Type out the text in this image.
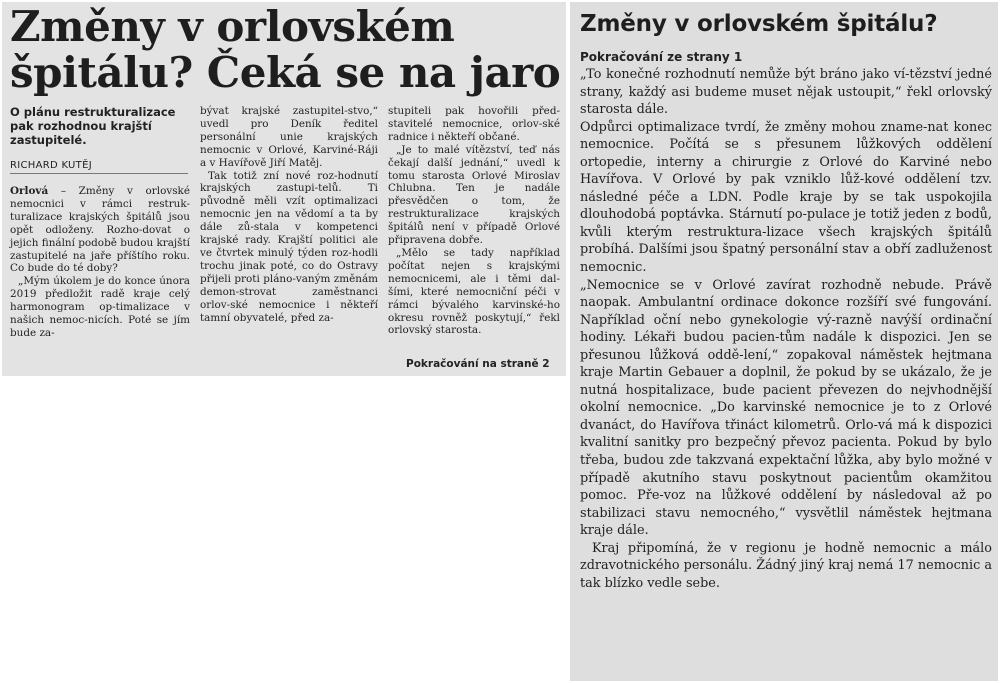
Změny v orlovském
špitálu? Čeká se na jaro

O plánu restrukturalizace pak rozhodnou krajští zastupitelé.

RICHARD KUTĚJ

Orlová – Změny v orlovské nemocnici v rámci restruk-turalizace krajských špitálů jsou opět odloženy. Rozho-dovat o jejich finální podobě budou krajští zastupitelé na jaře příštího roku. Co bude do té doby?

„Mým úkolem je do konce února 2019 předložit radě kraje celý harmonogram op-timalizace v našich nemoc-nicích. Poté se jím bude za-

bývat krajské zastupitel-stvo,“ uvedl pro Deník ředitel personální unie krajských nemocnic v Orlové, Karviné-Ráji a v Havířově Jiří Matěj.

Tak totiž zní nové roz-hodnutí krajských zastupi-telů. Ti původně měli vzít optimalizaci nemocnic jen na vědomí a ta by dále zů-stala v kompetenci krajské rady. Krajští politici ale ve čtvrtek minulý týden roz-hodli trochu jinak poté, co do Ostravy přijeli proti pláno-vaným změnám demon-strovat zaměstnanci orlov-ské nemocnice i někteří tamní obyvatelé, před za-

stupiteli pak hovořili před-stavitelé nemocnice, orlov-ské radnice i někteří občané.

„Je to malé vítězství, teď nás čekají další jednání,“ uvedl k tomu starosta Orlové Miroslav Chlubna. Ten je nadále přesvědčen o tom, že restrukturalizace krajských špitálů není v případě Orlové připravena dobře.

„Mělo se tady například počítat nejen s krajskými nemocnicemi, ale i těmi dal-šími, které nemocniční péči v rámci bývalého karvinské-ho okresu rovněž poskytují,“ řekl orlovský starosta.

Pokračování na straně 2
Změny v orlovském špitálu?
Pokračování ze strany 1

„To konečné rozhodnutí nemůže být bráno jako ví-tězství jedné strany, každý asi budeme muset nějak ustoupit,“ řekl orlovský starosta dále.

Odpůrci optimalizace tvrdí, že změny mohou zname-nat konec nemocnice. Počítá se s přesunem lůžkových oddělení ortopedie, interny a chirurgie z Orlové do Karviné nebo Havířova. V Orlové by pak vzniklo lůž-kové oddělení tzv. následné péče a LDN. Podle kraje by se tak uspokojila dlouhodobá poptávka. Stárnutí po-pulace je totiž jeden z bodů, kvůli kterým restruktura-lizace všech krajských špitálů probíhá. Dalšími jsou špatný personální stav a obří zadluženost nemocnic.

„Nemocnice se v Orlové zavírat rozhodně nebude. Právě naopak. Ambulantní ordinace dokonce rozšíří své fungování. Například oční nebo gynekologie vý-razně navýší ordinační hodiny. Lékaři budou pacien-tům nadále k dispozici. Jen se přesunou lůžková oddě-lení,“ zopakoval náměstek hejtmana kraje Martin Gebauer a doplnil, že pokud by se ukázalo, že je nutná hospitalizace, bude pacient převezen do nejvhodnější okolní nemocnice. „Do karvinské nemocnice je to z Orlové dvanáct, do Havířova třináct kilometrů. Orlo-vá má k dispozici kvalitní sanitky pro bezpečný převoz pacienta. Pokud by bylo třeba, budou zde takzvaná expektační lůžka, aby bylo možné v případě akutního stavu poskytnout pacientům okamžitou pomoc. Pře-voz na lůžkové oddělení by následoval až po stabilizaci stavu nemocného,“ vysvětlil náměstek hejtmana kraje dále.

Kraj připomíná, že v regionu je hodně nemocnic a málo zdravotnického personálu. Žádný jiný kraj nemá 17 nemocnic a tak blízko vedle sebe.
